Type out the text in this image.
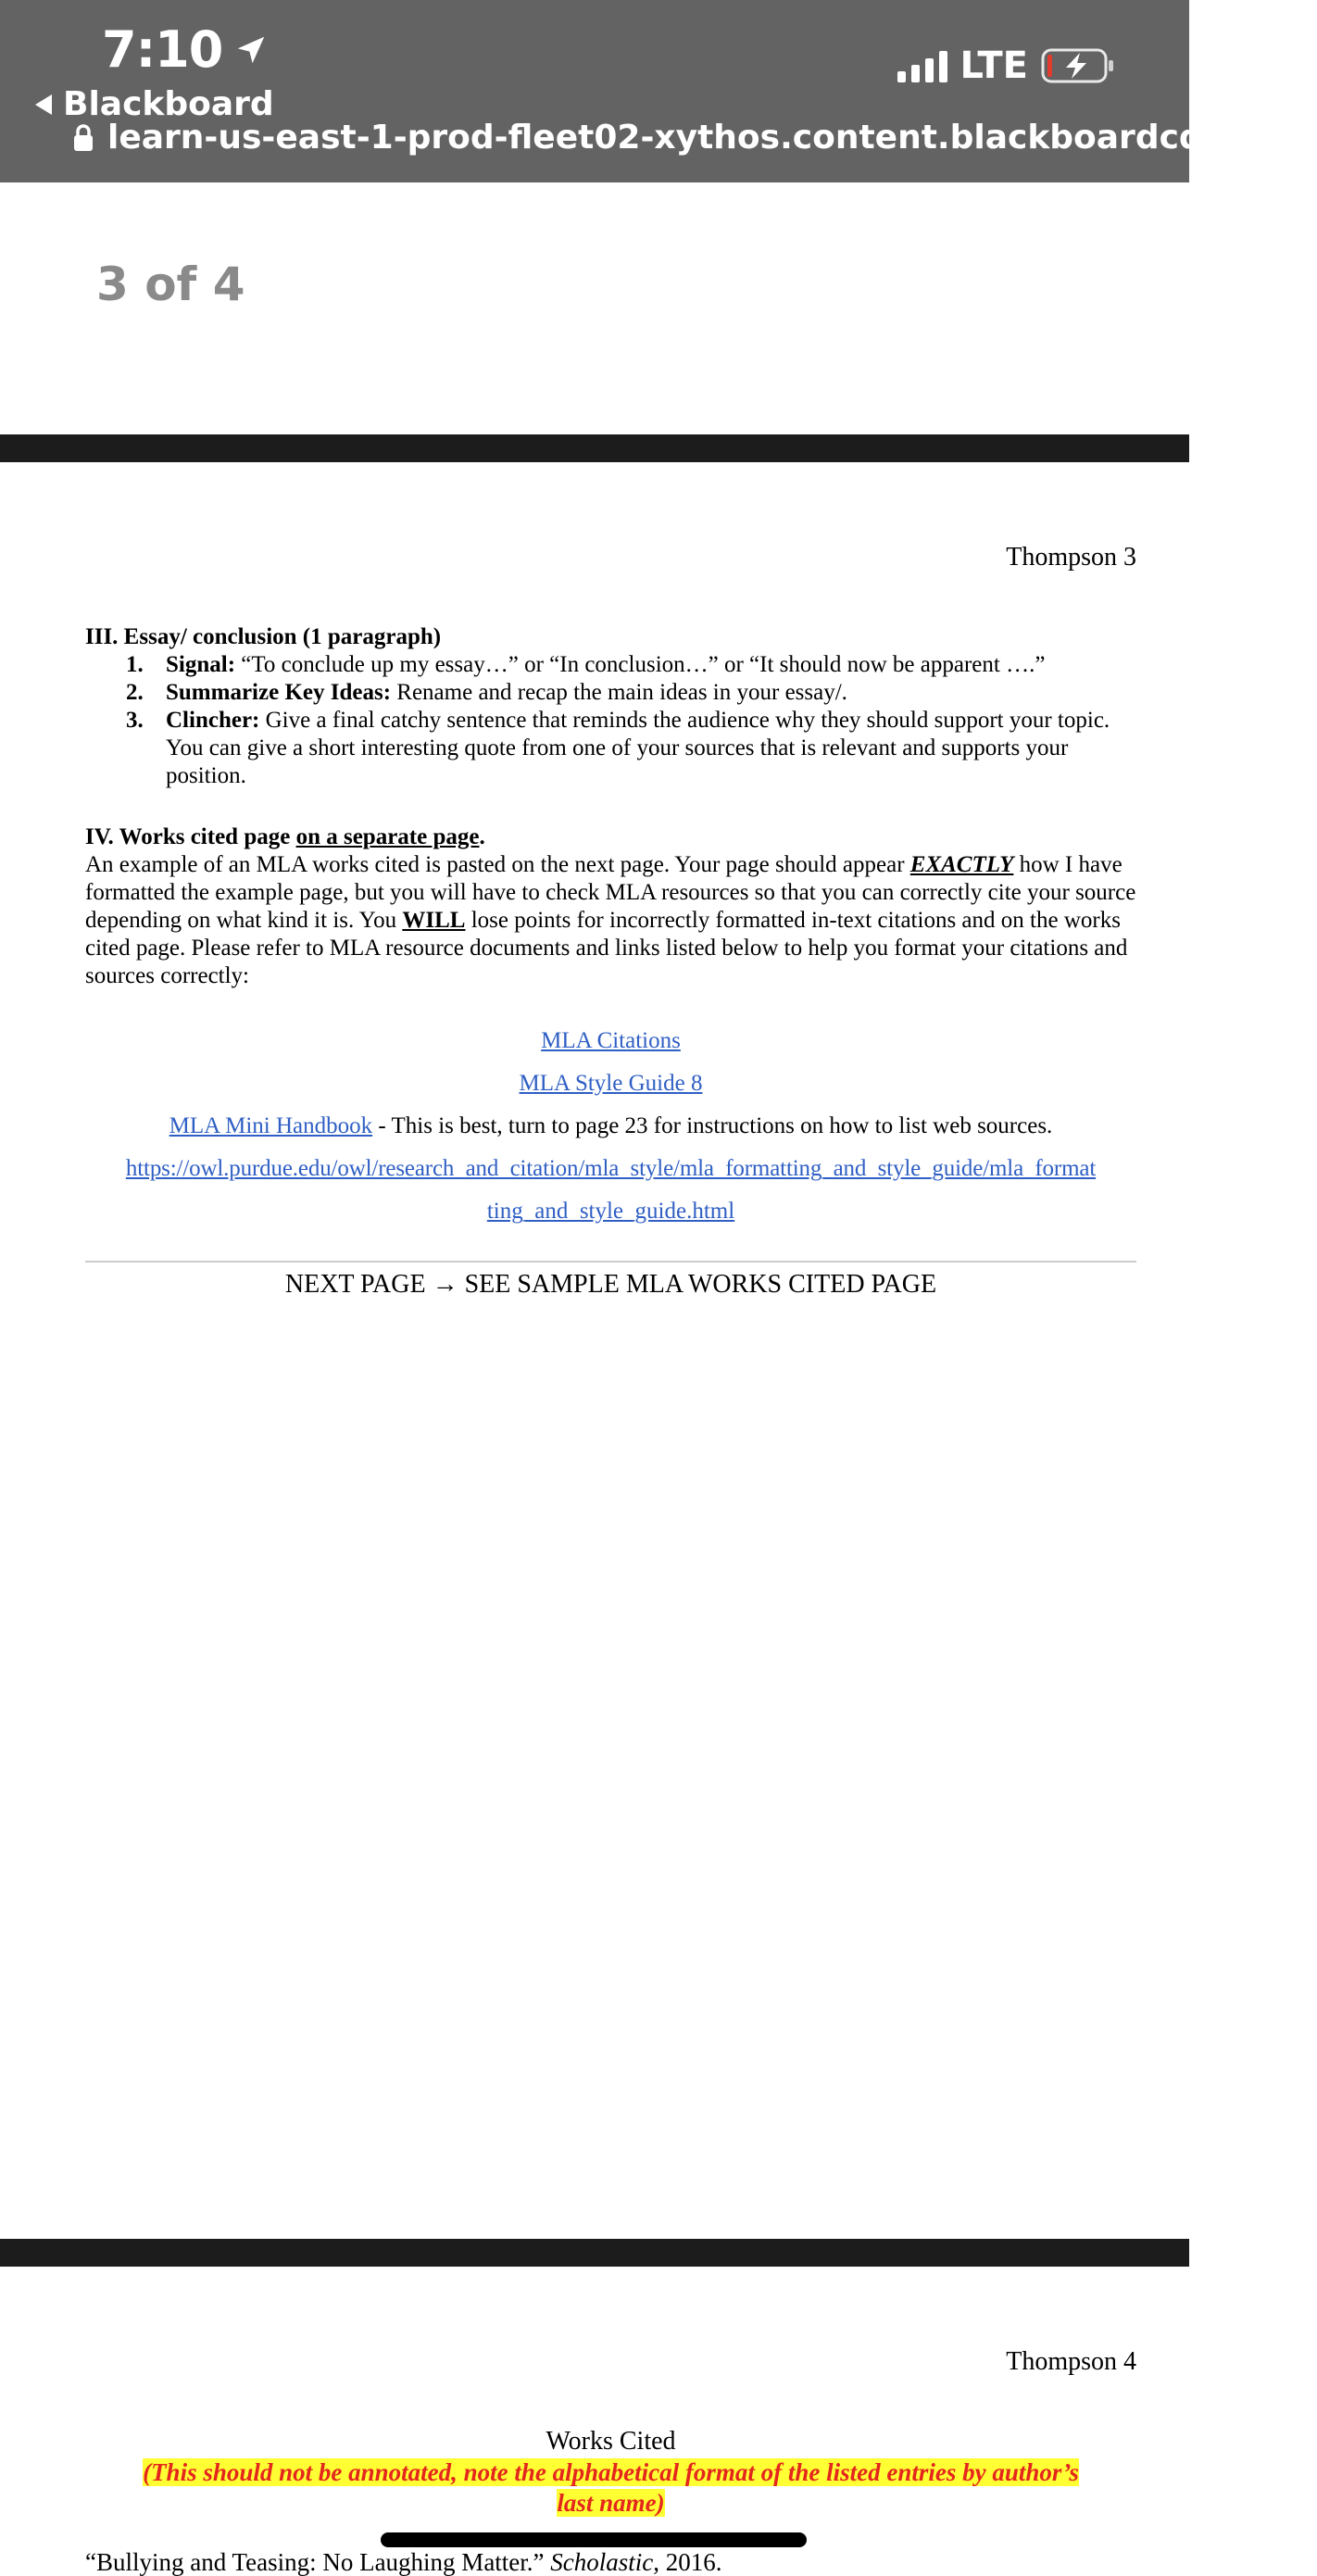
7:10
Blackboard
LTE
learn-us-east-1-prod-fleet02-xythos.content.blackboardcdn.com
3 of 4
Thompson 3
III. Essay/ conclusion (1 paragraph)
1. Signal: “To conclude up my essay…” or “In conclusion…” or “It should now be apparent ….”
2. Summarize Key Ideas: Rename and recap the main ideas in your essay/.
3. Clincher: Give a final catchy sentence that reminds the audience why they should support your topic. You can give a short interesting quote from one of your sources that is relevant and supports your position.
IV. Works cited page on a separate page.

An example of an MLA works cited is pasted on the next page. Your page should appear EXACTLY how I have formatted the example page, but you will have to check MLA resources so that you can correctly cite your source depending on what kind it is. You WILL lose points for incorrectly formatted in-text citations and on the works cited page. Please refer to MLA resource documents and links listed below to help you format your citations and sources correctly:

MLA Citations
MLA Style Guide 8
MLA Mini Handbook - This is best, turn to page 23 for instructions on how to list web sources.
https://owl.purdue.edu/owl/research_and_citation/mla_style/mla_formatting_and_style_guide/mla_format
ting_and_style_guide.html
NEXT PAGE → SEE SAMPLE MLA WORKS CITED PAGE
Thompson 4
Works Cited
(This should not be annotated, note the alphabetical format of the listed entries by author’s
last name)
“Bullying and Teasing: No Laughing Matter.” Scholastic, 2016.
